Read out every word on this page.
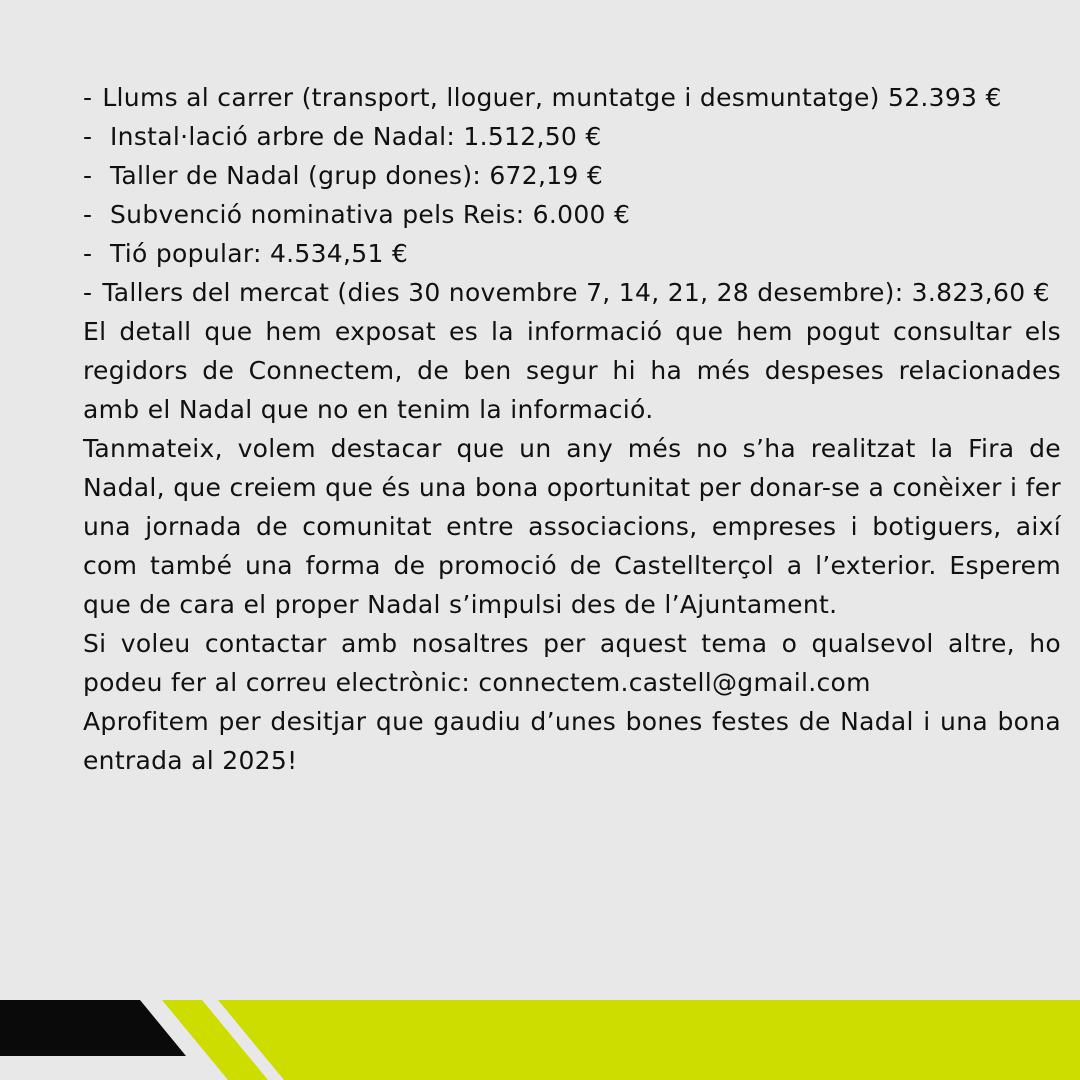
- Llums al carrer (transport, lloguer, muntatge i desmuntatge) 52.393 €
- Instal·lació arbre de Nadal: 1.512,50 €
- Taller de Nadal (grup dones): 672,19 €
- Subvenció nominativa pels Reis: 6.000 €
- Tió popular: 4.534,51 €
- Tallers del mercat (dies 30 novembre 7, 14, 21, 28 desembre): 3.823,60 €

El detall que hem exposat es la informació que hem pogut consultar els regidors de Connectem, de ben segur hi ha més despeses relacionades amb el Nadal que no en tenim la informació.

Tanmateix, volem destacar que un any més no s’ha realitzat la Fira de Nadal, que creiem que és una bona oportunitat per donar-se a conèixer i fer una jornada de comunitat entre associacions, empreses i botiguers, així com també una forma de promoció de Castellterçol a l’exterior. Esperem que de cara el proper Nadal s’impulsi des de l’Ajuntament.

Si voleu contactar amb nosaltres per aquest tema o qualsevol altre, ho podeu fer al correu electrònic: connectem.castell@gmail.com

Aprofitem per desitjar que gaudiu d’unes bones festes de Nadal i una bona entrada al 2025!
